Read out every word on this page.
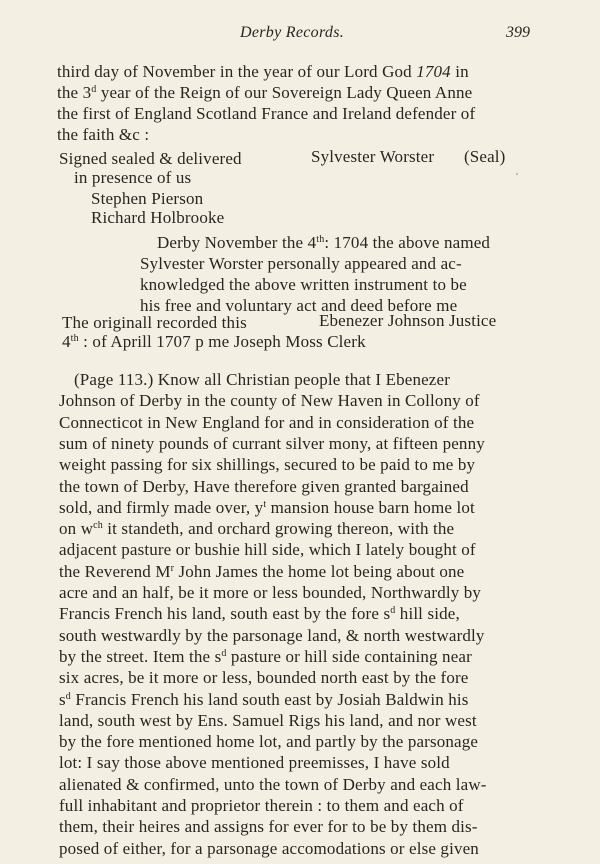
Derby Records.	399
third day of November in the year of our Lord God 1704 in
the 3$^d$ year of the Reign of our Sovereign Lady Queen Anne
the first of England Scotland France and Ireland defender of
the faith &c :
Signed sealed & delivered	Sylvester Worster (Seal)
in presence of us
Stephen Pierson
Richard Holbrooke
Derby November the 4th: 1704 the above named
Sylvester Worster personally appeared and ac-
knowledged the above written instrument to be
his free and voluntary act and deed before me
The originall recorded this	Ebenezer Johnson Justice
4th : of Aprill 1707 p me Joseph Moss Clerk
(Page 113.) Know all Christian people that I Ebenezer
Johnson of Derby in the county of New Haven in Collony of
Connecticot in New England for and in consideration of the
sum of ninety pounds of currant silver mony, at fifteen penny
weight passing for six shillings, secured to be paid to me by
the town of Derby, Have therefore given granted bargained
sold, and firmly made over, $y^t$ mansion house barn home lot
on $w^{ch}$ it standeth, and orchard growing thereon, with the
adjacent pasture or bushie hill side, which I lately bought of
the Reverend $M^r$ John James the home lot being about one
acre and an half, be it more or less bounded, Northwardly by
Francis French his land, south east by the fore $s^d$ hill side,
south westwardly by the parsonage land, & north westwardly
by the street. Item the $s^d$ pasture or hill side containing near
six acres, be it more or less, bounded north east by the fore
$s^d$ Francis French his land south east by Josiah Baldwin his
land, south west by Ens. Samuel Rigs his land, and nor west
by the fore mentioned home lot, and partly by the parsonage
lot: I say those above mentioned preemisses, I have sold
alienated & confirmed, unto the town of Derby and each law-
full inhabitant and proprietor therein : to them and each of
them, their heires and assigns for ever for to be by them dis-
posed of either, for a parsonage accomodations or else given
